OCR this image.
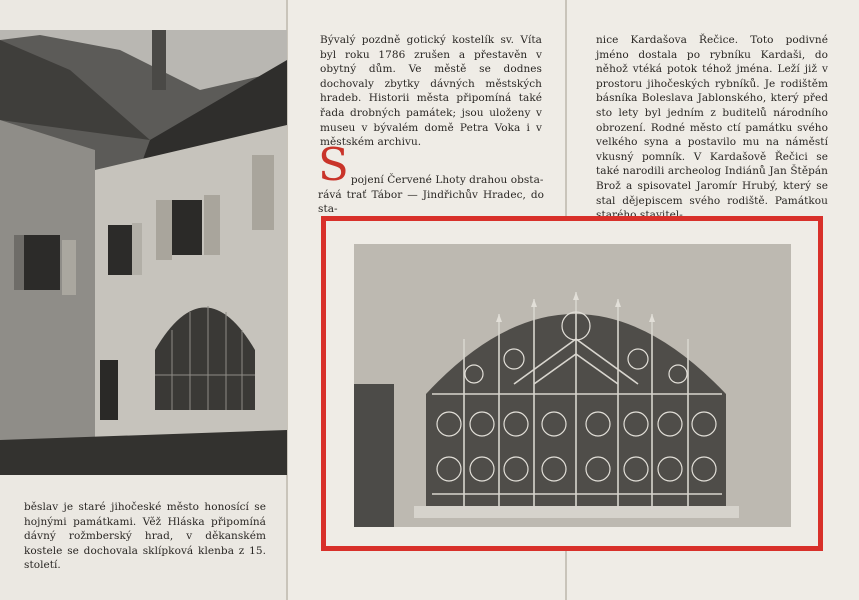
běslav je staré jihočeské město honosící se hojnými památkami. Věž Hláska připomíná dávný rožmberský hrad, v děkanském kostele se dochovala sklípková klenba z 15. století.

Bývalý pozdně gotický kostelík sv. Víta byl roku 1786 zrušen a přestavěn v obytný dům. Ve městě se dodnes dochovaly zbytky dávných městských hradeb. Historii města připomíná také řada drobných památek; jsou uloženy v museu v bývalém domě Petra Voka i v městském archivu.

S pojení Červené Lhoty drahou obsta-
rává trať Tábor — Jindřichův Hradec, do sta-

nice Kardašova Řečice. Toto podivné jméno dostala po rybníku Kardaši, do něhož vtéká potok téhož jména. Leží již v prostoru jihočeských rybníků. Je rodištěm básníka Boleslava Jablonského, který před sto lety byl jedním z buditelů národního obrození. Rodné město ctí památku svého velkého syna a postavilo mu na náměstí vkusný pomník. V Kardašově Řečici se také narodili archeolog Indiánů Jan Štěpán Brož a spisovatel Jaromír Hrubý, který se stal dějepiscem svého rodiště. Památkou
